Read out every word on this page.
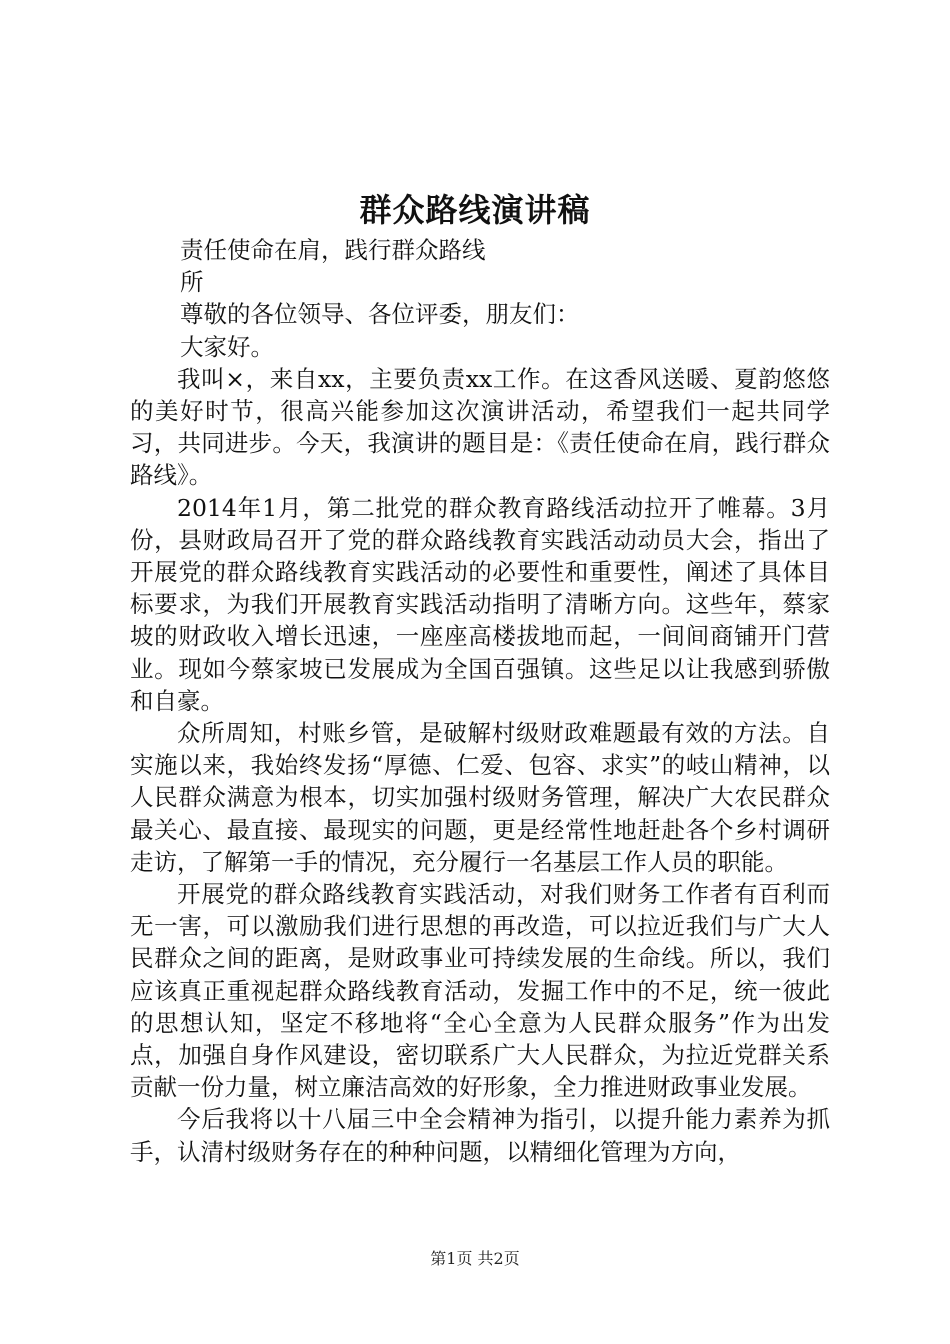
群众路线演讲稿

责任使命在肩，践行群众路线

所

尊敬的各位领导、各位评委，朋友们：

大家好。

我叫×，来自xx，主要负责xx工作。在这香风送暖、夏韵悠悠的美好时节，很高兴能参加这次演讲活动，希望我们一起共同学习，共同进步。今天，我演讲的题目是：《责任使命在肩，践行群众路线》。

2014年1月，第二批党的群众教育路线活动拉开了帷幕。3月份，县财政局召开了党的群众路线教育实践活动动员大会，指出了开展党的群众路线教育实践活动的必要性和重要性，阐述了具体目标要求，为我们开展教育实践活动指明了清晰方向。这些年，蔡家坡的财政收入增长迅速，一座座高楼拔地而起，一间间商铺开门营业。现如今蔡家坡已发展成为全国百强镇。这些足以让我感到骄傲和自豪。

众所周知，村账乡管，是破解村级财政难题最有效的方法。自实施以来，我始终发扬“厚德、仁爱、包容、求实”的岐山精神，以人民群众满意为根本，切实加强村级财务管理，解决广大农民群众最关心、最直接、最现实的问题，更是经常性地赶赴各个乡村调研走访，了解第一手的情况，充分履行一名基层工作人员的职能。

开展党的群众路线教育实践活动，对我们财务工作者有百利而无一害，可以激励我们进行思想的再改造，可以拉近我们与广大人民群众之间的距离，是财政事业可持续发展的生命线。所以，我们应该真正重视起群众路线教育活动，发掘工作中的不足，统一彼此的思想认知，坚定不移地将“全心全意为人民群众服务”作为出发点，加强自身作风建设，密切联系广大人民群众，为拉近党群关系贡献一份力量，树立廉洁高效的好形象，全力推进财政事业发展。

今后我将以十八届三中全会精神为指引，以提升能力素养为抓手，认清村级财务存在的种种问题，以精细化管理为方向，

第1页 共2页
